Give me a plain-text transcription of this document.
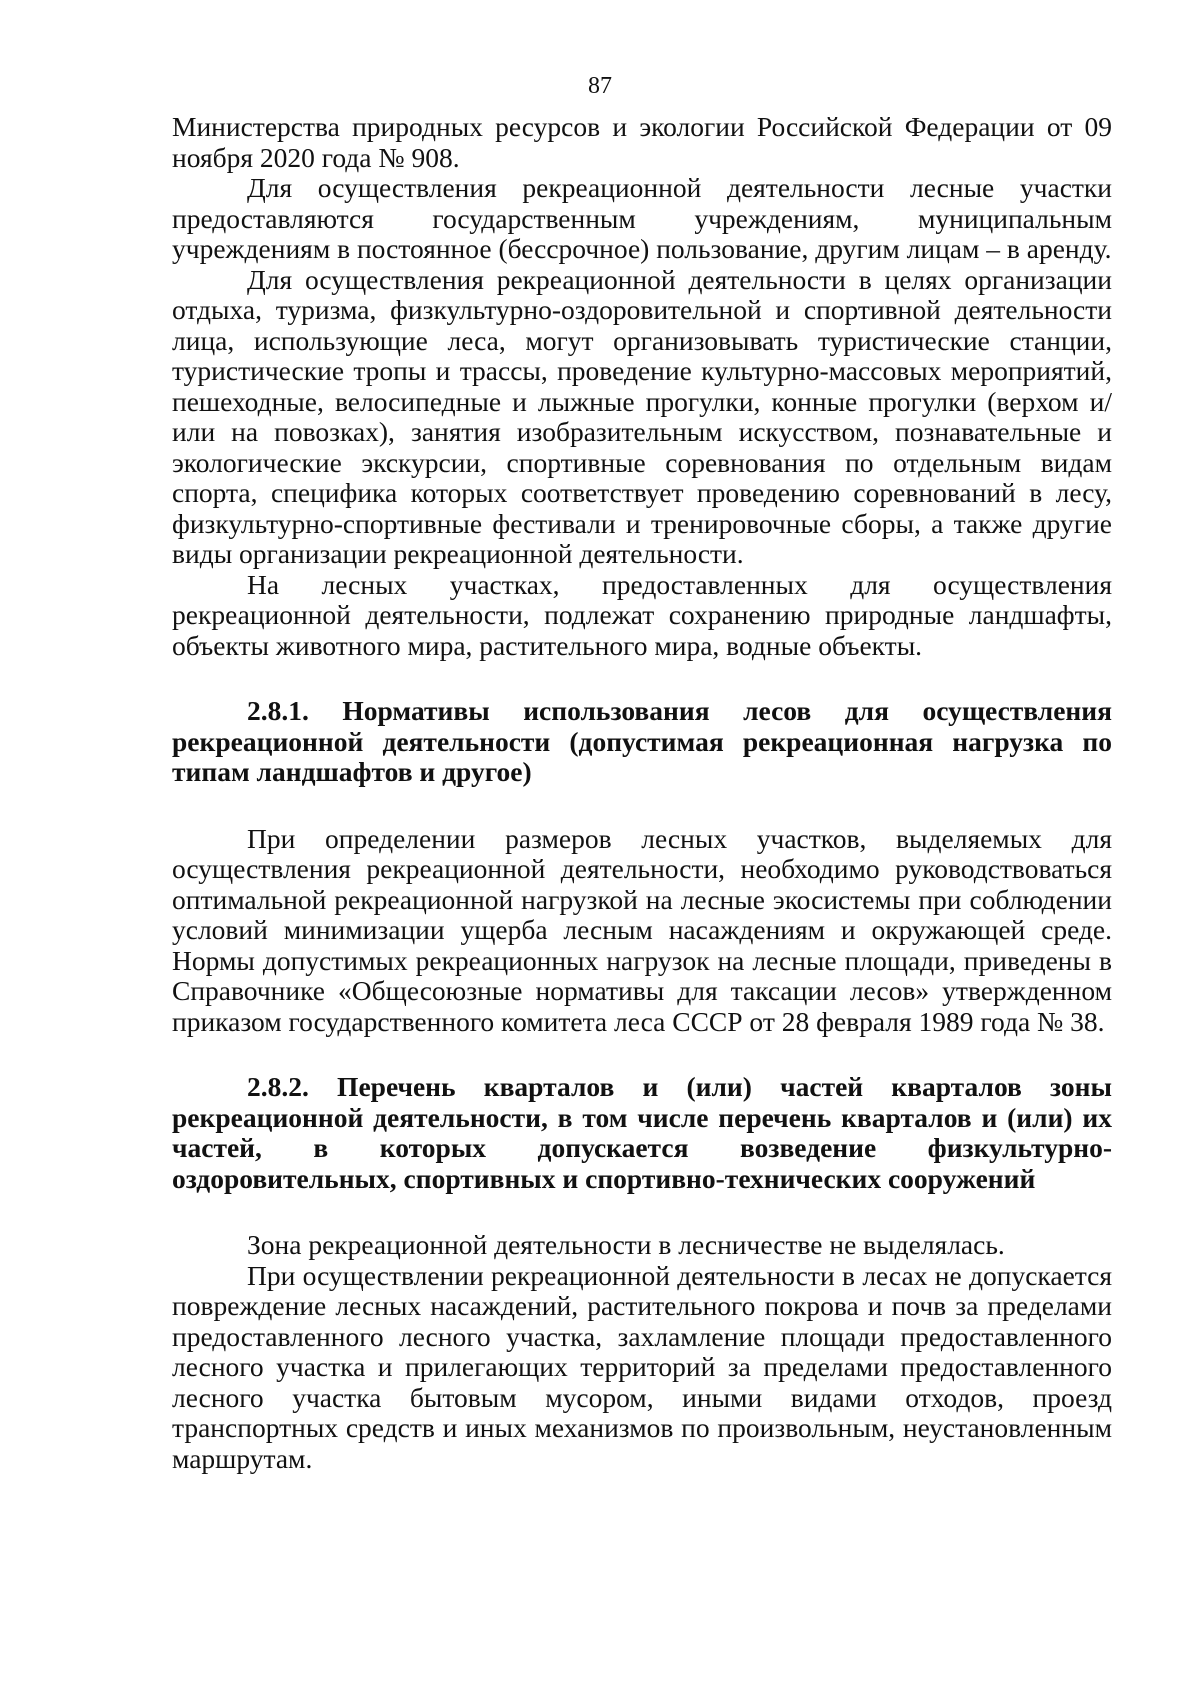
87

Министерства природных ресурсов и экологии Российской Федерации от 09 ноября 2020 года № 908.

Для осуществления рекреационной деятельности лесные участки предоставляются государственным учреждениям, муниципальным учреждениям в постоянное (бессрочное) пользование, другим лицам – в аренду.

Для осуществления рекреационной деятельности в целях организации отдыха, туризма, физкультурно-оздоровительной и спортивной деятельности лица, использующие леса, могут организовывать туристические станции, туристические тропы и трассы, проведение культурно-массовых мероприятий, пешеходные, велосипедные и лыжные прогулки, конные прогулки (верхом и/или на повозках), занятия изобразительным искусством, познавательные и экологические экскурсии, спортивные соревнования по отдельным видам спорта, специфика которых соответствует проведению соревнований в лесу, физкультурно-спортивные фестивали и тренировочные сборы, а также другие виды организации рекреационной деятельности.

На лесных участках, предоставленных для осуществления рекреационной деятельности, подлежат сохранению природные ландшафты, объекты животного мира, растительного мира, водные объекты.

2.8.1. Нормативы использования лесов для осуществления рекреационной деятельности (допустимая рекреационная нагрузка по типам ландшафтов и другое)

При определении размеров лесных участков, выделяемых для осуществления рекреационной деятельности, необходимо руководствоваться оптимальной рекреационной нагрузкой на лесные экосистемы при соблюдении условий минимизации ущерба лесным насаждениям и окружающей среде. Нормы допустимых рекреационных нагрузок на лесные площади, приведены в Справочнике «Общесоюзные нормативы для таксации лесов» утвержденном приказом государственного комитета леса СССР от 28 февраля 1989 года № 38.

2.8.2. Перечень кварталов и (или) частей кварталов зоны рекреационной деятельности, в том числе перечень кварталов и (или) их частей, в которых допускается возведение физкультурно-оздоровительных, спортивных и спортивно-технических сооружений

Зона рекреационной деятельности в лесничестве не выделялась.

При осуществлении рекреационной деятельности в лесах не допускается повреждение лесных насаждений, растительного покрова и почв за пределами предоставленного лесного участка, захламление площади предоставленного лесного участка и прилегающих территорий за пределами предоставленного лесного участка бытовым мусором, иными видами отходов, проезд транспортных средств и иных механизмов по произвольным, неустановленным маршрутам.
